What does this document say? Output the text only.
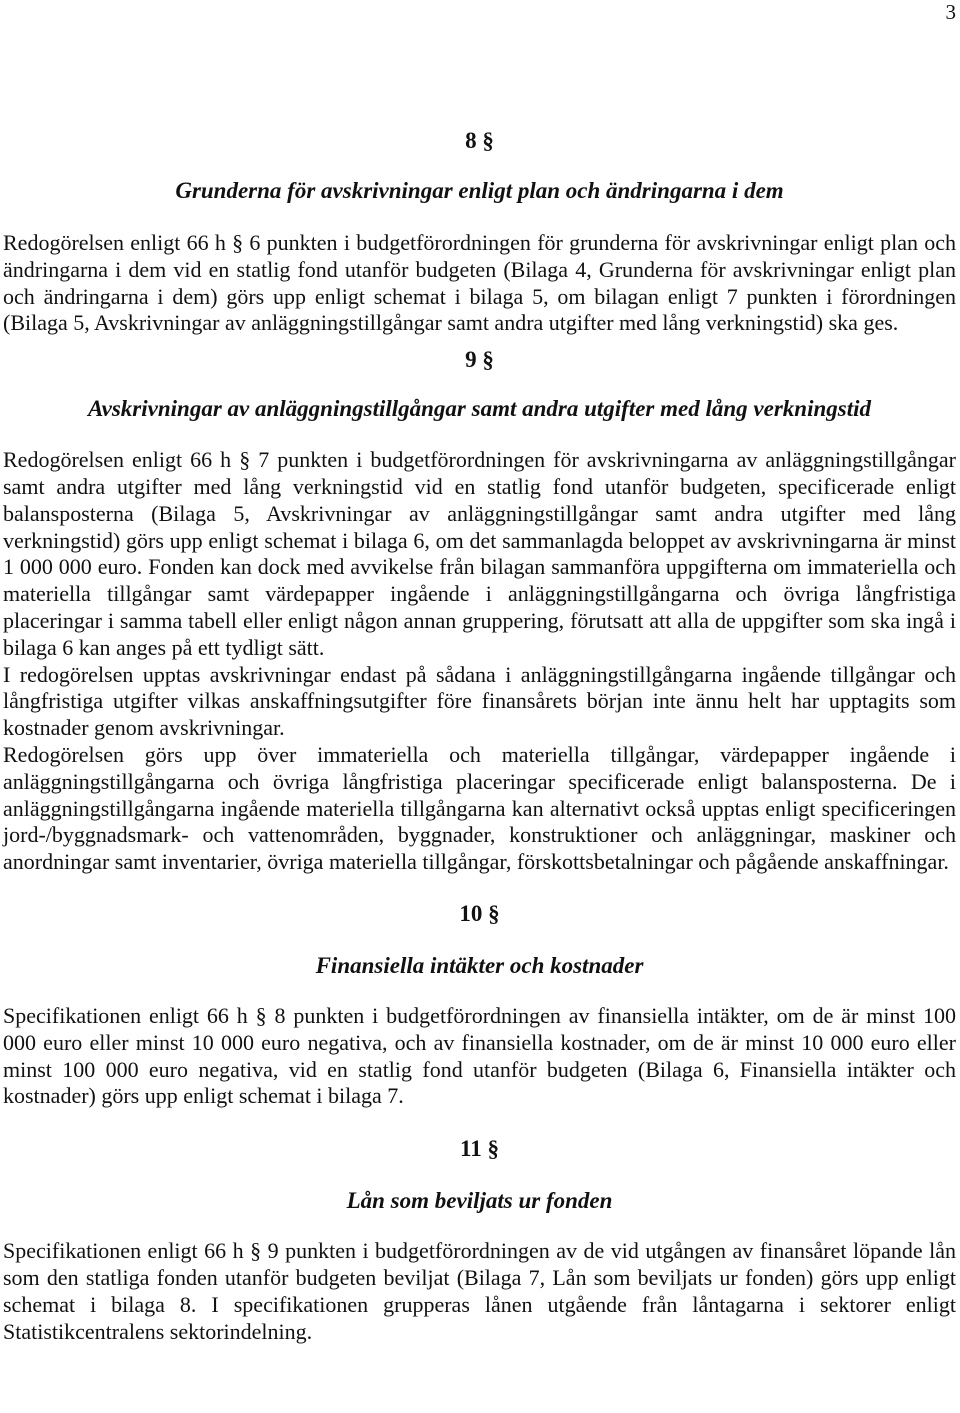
3
8 §
Grunderna för avskrivningar enligt plan och ändringarna i dem

Redogörelsen enligt 66 h § 6 punkten i budgetförordningen för grunderna för avskrivningar enligt plan och ändringarna i dem vid en statlig fond utanför budgeten (Bilaga 4, Grunderna för avskrivningar enligt plan och ändringarna i dem) görs upp enligt schemat i bilaga 5, om bilagan enligt 7 punkten i förordningen (Bilaga 5, Avskrivningar av anläggningstillgångar samt andra utgifter med lång verkningstid) ska ges.

9 §
Avskrivningar av anläggningstillgångar samt andra utgifter med lång verkningstid

Redogörelsen enligt 66 h § 7 punkten i budgetförordningen för avskrivningarna av anläggningstillgångar samt andra utgifter med lång verkningstid vid en statlig fond utanför budgeten, specificerade enligt balansposterna (Bilaga 5, Avskrivningar av anläggningstillgångar samt andra utgifter med lång verkningstid) görs upp enligt schemat i bilaga 6, om det sammanlagda beloppet av avskrivningarna är minst 1 000 000 euro. Fonden kan dock med avvikelse från bilagan sammanföra uppgifterna om immateriella och materiella tillgångar samt värdepapper ingående i anläggningstillgångarna och övriga långfristiga placeringar i samma tabell eller enligt någon annan gruppering, förutsatt att alla de uppgifter som ska ingå i bilaga 6 kan anges på ett tydligt sätt.

I redogörelsen upptas avskrivningar endast på sådana i anläggningstillgångarna ingående tillgångar och långfristiga utgifter vilkas anskaffningsutgifter före finansårets början inte ännu helt har upptagits som kostnader genom avskrivningar.

Redogörelsen görs upp över immateriella och materiella tillgångar, värdepapper ingående i anläggningstillgångarna och övriga långfristiga placeringar specificerade enligt balansposterna. De i anläggningstillgångarna ingående materiella tillgångarna kan alternativt också upptas enligt specificeringen jord-/byggnadsmark- och vattenområden, byggnader, konstruktioner och anläggningar, maskiner och anordningar samt inventarier, övriga materiella tillgångar, förskottsbetalningar och pågående anskaffningar.

10 §
Finansiella intäkter och kostnader

Specifikationen enligt 66 h § 8 punkten i budgetförordningen av finansiella intäkter, om de är minst 100 000 euro eller minst 10 000 euro negativa, och av finansiella kostnader, om de är minst 10 000 euro eller minst 100 000 euro negativa, vid en statlig fond utanför budgeten (Bilaga 6, Finansiella intäkter och kostnader) görs upp enligt schemat i bilaga 7.

11 §
Lån som beviljats ur fonden

Specifikationen enligt 66 h § 9 punkten i budgetförordningen av de vid utgången av finansåret löpande lån som den statliga fonden utanför budgeten beviljat (Bilaga 7, Lån som beviljats ur fonden) görs upp enligt schemat i bilaga 8. I specifikationen grupperas lånen utgående från låntagarna i sektorer enligt Statistikcentralens sektorindelning.
